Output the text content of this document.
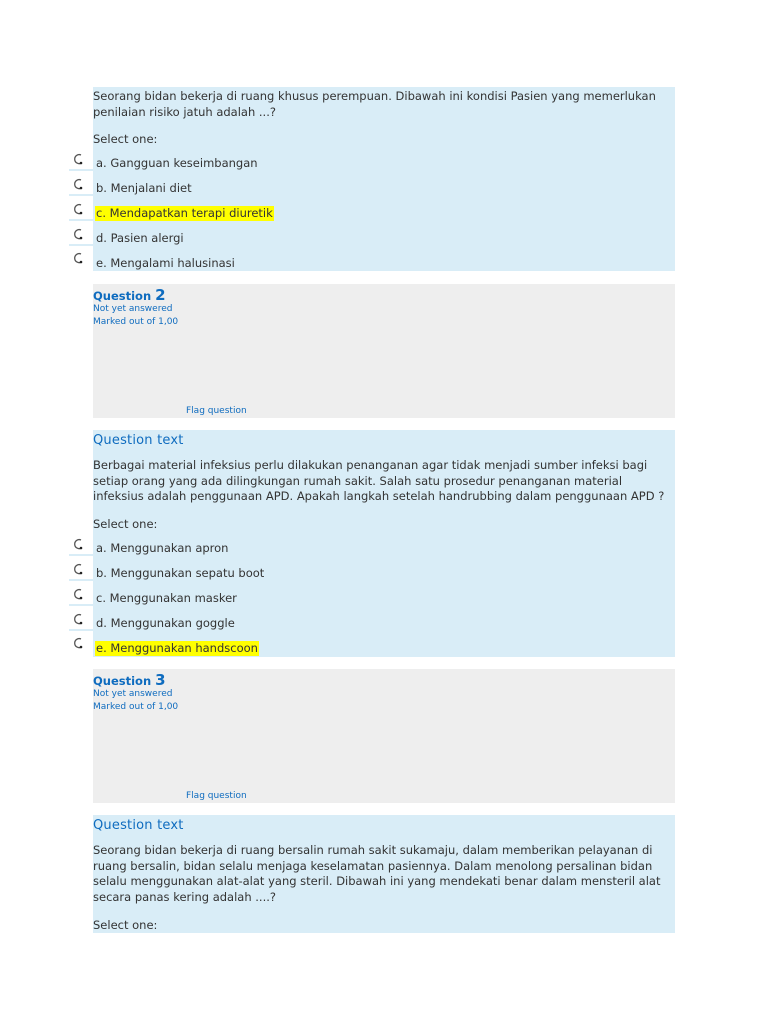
Seorang bidan bekerja di ruang khusus perempuan. Dibawah ini kondisi Pasien yang memerlukan penilaian risiko jatuh adalah ...?
Select one:
a. Gangguan keseimbangan
b. Menjalani diet
c. Mendapatkan terapi diuretik
d. Pasien alergi
e. Mengalami halusinasi
Question 2
Not yet answered
Marked out of 1,00
Flag question
Question text
Berbagai material infeksius perlu dilakukan penanganan agar tidak menjadi sumber infeksi bagi setiap orang yang ada dilingkungan rumah sakit. Salah satu prosedur penanganan material infeksius adalah penggunaan APD. Apakah langkah setelah handrubbing dalam penggunaan APD ?
Select one:
a. Menggunakan apron
b. Menggunakan sepatu boot
c. Menggunakan masker
d. Menggunakan goggle
e. Menggunakan handscoon
Question 3
Not yet answered
Marked out of 1,00
Flag question
Question text
Seorang bidan bekerja di ruang bersalin rumah sakit sukamaju, dalam memberikan pelayanan di ruang bersalin, bidan selalu menjaga keselamatan pasiennya. Dalam menolong persalinan bidan selalu menggunakan alat-alat yang steril. Dibawah ini yang mendekati benar dalam mensteril alat secara panas kering adalah ....?
Select one:
